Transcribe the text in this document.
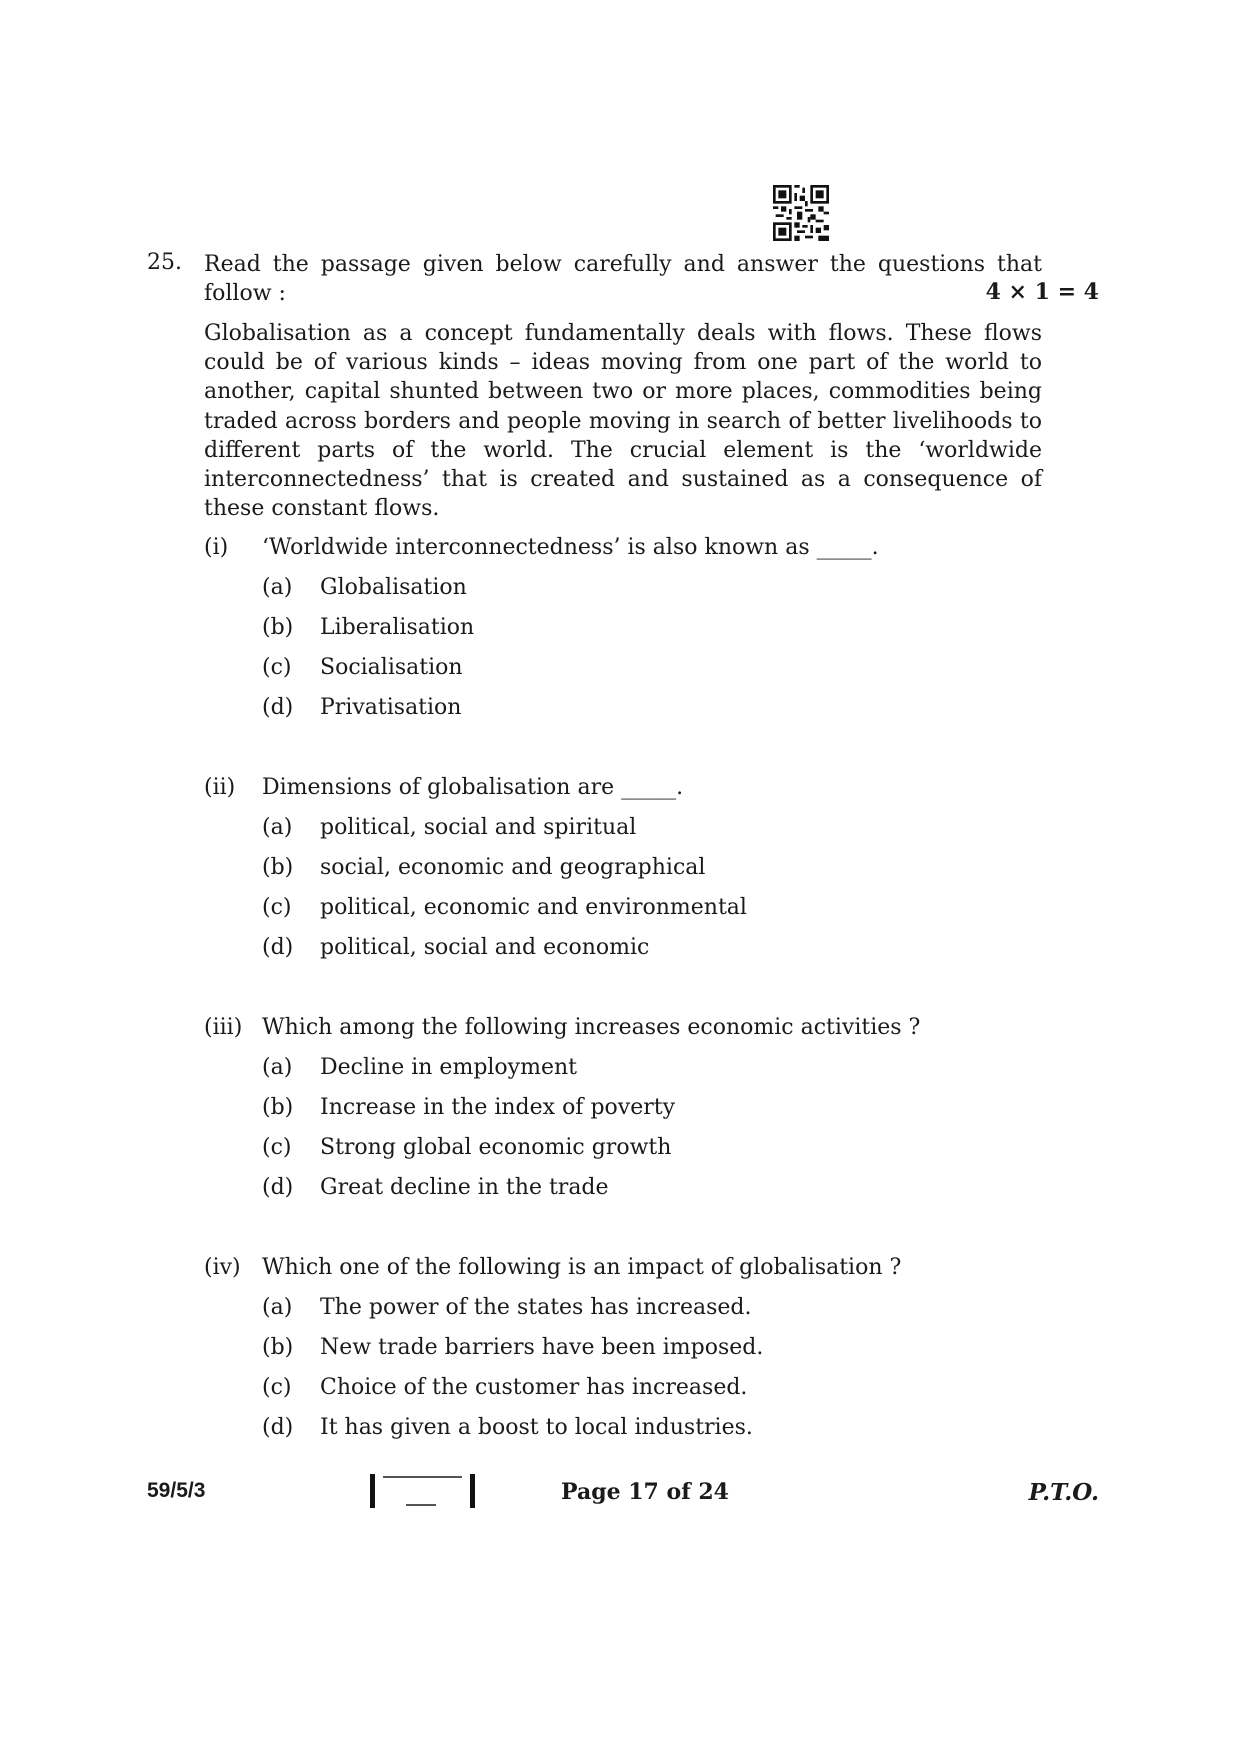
25. Read the passage given below carefully and answer the questions that follow :	4 × 1 = 4
Globalisation as a concept fundamentally deals with flows. These flows could be of various kinds – ideas moving from one part of the world to another, capital shunted between two or more places, commodities being traded across borders and people moving in search of better livelihoods to different parts of the world. The crucial element is the ‘worldwide interconnectedness’ that is created and sustained as a consequence of these constant flows.
(i) ‘Worldwide interconnectedness’ is also known as _____.
(a) Globalisation
(b) Liberalisation
(c) Socialisation
(d) Privatisation
(ii) Dimensions of globalisation are _____.
(a) political, social and spiritual
(b) social, economic and geographical
(c) political, economic and environmental
(d) political, social and economic
(iii) Which among the following increases economic activities ?
(a) Decline in employment
(b) Increase in the index of poverty
(c) Strong global economic growth
(d) Great decline in the trade
(iv) Which one of the following is an impact of globalisation ?
(a) The power of the states has increased.
(b) New trade barriers have been imposed.
(c) Choice of the customer has increased.
(d) It has given a boost to local industries.
59/5/3	Page 17 of 24	P.T.O.
